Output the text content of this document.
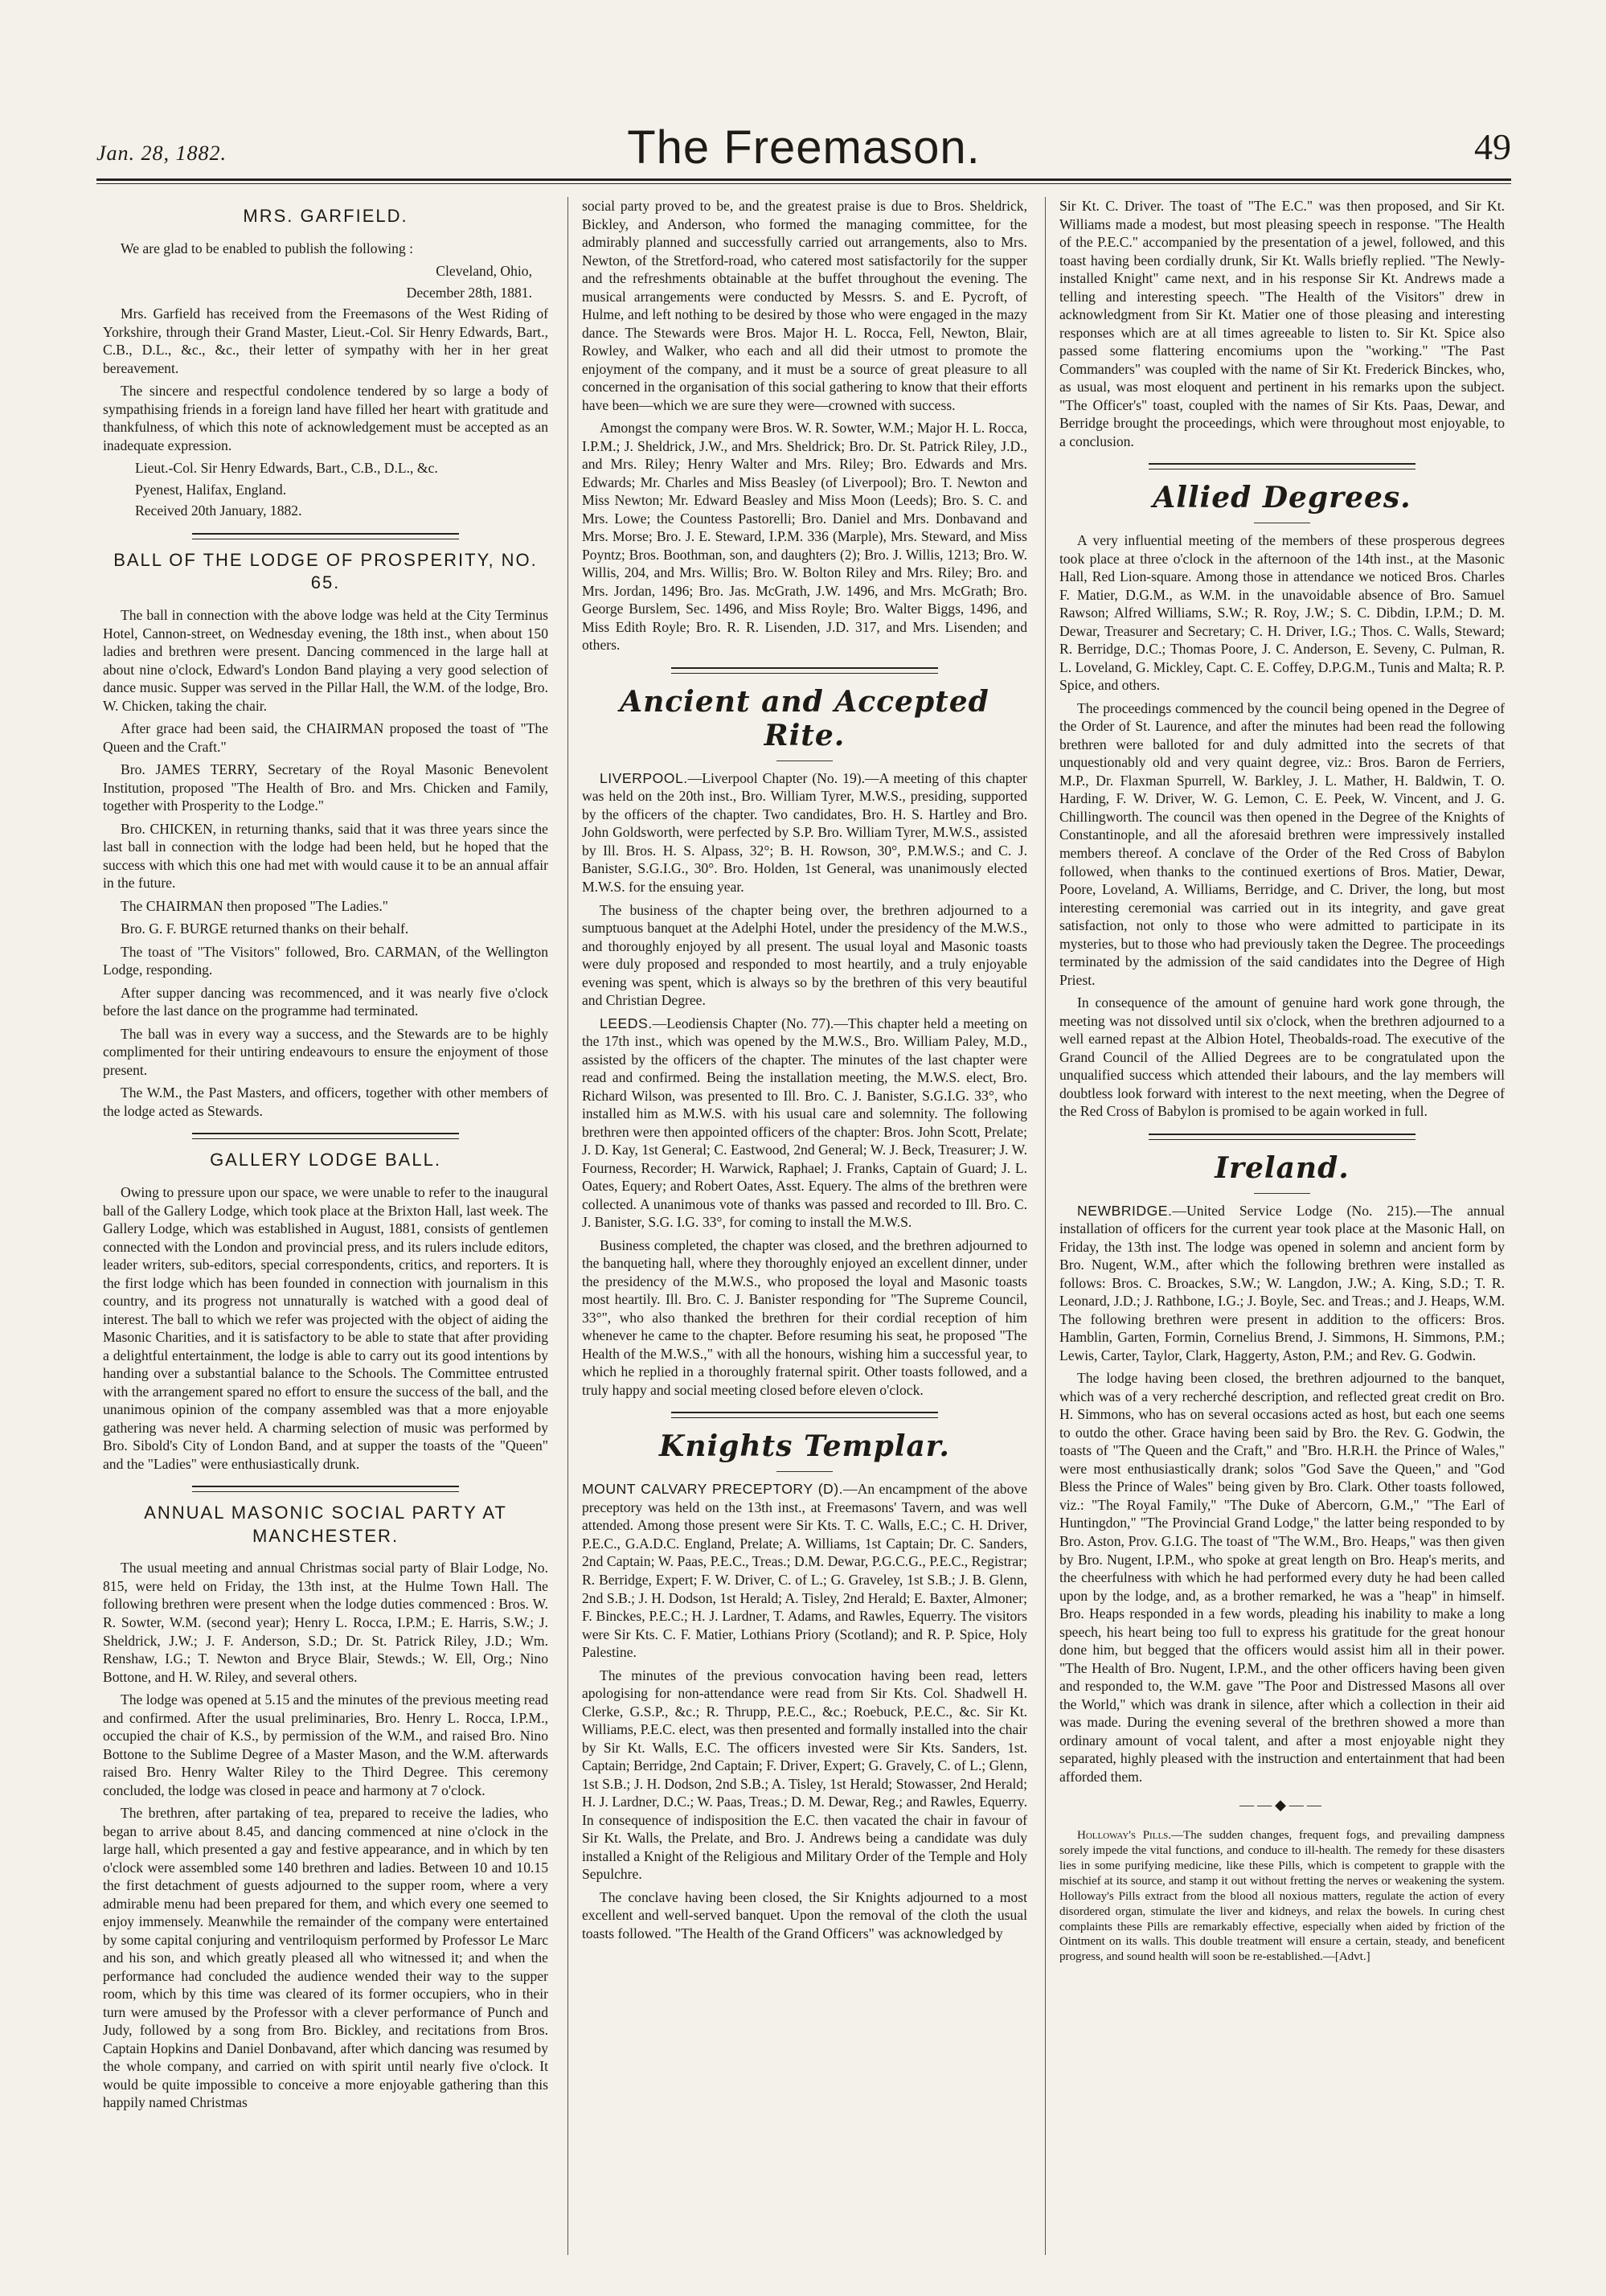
Jan. 28, 1882.	The Freemason.	49
MRS. GARFIELD.

We are glad to be enabled to publish the following :

Cleveland, Ohio,
December 28th, 1881.

Mrs. Garfield has received from the Freemasons of the West Riding of Yorkshire, through their Grand Master, Lieut.-Col. Sir Henry Edwards, Bart., C.B., D.L., &c., &c., their letter of sympathy with her in her great bereavement.

The sincere and respectful condolence tendered by so large a body of sympathising friends in a foreign land have filled her heart with gratitude and thankfulness, of which this note of acknowledgement must be accepted as an inadequate expression.

Lieut.-Col. Sir Henry Edwards, Bart., C.B., D.L., &c.
Pyenest, Halifax, England.
Received 20th January, 1882.
BALL OF THE LODGE OF PROSPERITY, NO. 65.

The ball in connection with the above lodge was held at the City Terminus Hotel, Cannon-street, on Wednesday evening, the 18th inst., when about 150 ladies and brethren were present. Dancing commenced in the large hall at about nine o'clock, Edward's London Band playing a very good selection of dance music. Supper was served in the Pillar Hall, the W.M. of the lodge, Bro. W. Chicken, taking the chair.

After grace had been said, the CHAIRMAN proposed the toast of "The Queen and the Craft."

Bro. JAMES TERRY, Secretary of the Royal Masonic Benevolent Institution, proposed "The Health of Bro. and Mrs. Chicken and Family, together with Prosperity to the Lodge."

Bro. CHICKEN, in returning thanks, said that it was three years since the last ball in connection with the lodge had been held, but he hoped that the success with which this one had met with would cause it to be an annual affair in the future.

The CHAIRMAN then proposed "The Ladies."

Bro. G. F. BURGE returned thanks on their behalf.

The toast of "The Visitors" followed, Bro. CARMAN, of the Wellington Lodge, responding.

After supper dancing was recommenced, and it was nearly five o'clock before the last dance on the programme had terminated.

The ball was in every way a success, and the Stewards are to be highly complimented for their untiring endeavours to ensure the enjoyment of those present.

The W.M., the Past Masters, and officers, together with other members of the lodge acted as Stewards.

GALLERY LODGE BALL.

Owing to pressure upon our space, we were unable to refer to the inaugural ball of the Gallery Lodge, which took place at the Brixton Hall, last week. The Gallery Lodge, which was established in August, 1881, consists of gentlemen connected with the London and provincial press, and its rulers include editors, leader writers, sub-editors, special correspondents, critics, and reporters. It is the first lodge which has been founded in connection with journalism in this country, and its progress not unnaturally is watched with a good deal of interest. The ball to which we refer was projected with the object of aiding the Masonic Charities, and it is satisfactory to be able to state that after providing a delightful entertainment, the lodge is able to carry out its good intentions by handing over a substantial balance to the Schools. The Committee entrusted with the arrangement spared no effort to ensure the success of the ball, and the unanimous opinion of the company assembled was that a more enjoyable gathering was never held. A charming selection of music was performed by Bro. Sibold's City of London Band, and at supper the toasts of the "Queen" and the "Ladies" were enthusiastically drunk.

ANNUAL MASONIC SOCIAL PARTY AT MANCHESTER.

The usual meeting and annual Christmas social party of Blair Lodge, No. 815, were held on Friday, the 13th inst, at the Hulme Town Hall. The following brethren were present when the lodge duties commenced : Bros. W. R. Sowter, W.M. (second year); Henry L. Rocca, I.P.M.; E. Harris, S.W.; J. Sheldrick, J.W.; J. F. Anderson, S.D.; Dr. St. Patrick Riley, J.D.; Wm. Renshaw, I.G.; T. Newton and Bryce Blair, Stewds.; W. Ell, Org.; Nino Bottone, and H. W. Riley, and several others.

The lodge was opened at 5.15 and the minutes of the previous meeting read and confirmed. After the usual preliminaries, Bro. Henry L. Rocca, I.P.M., occupied the chair of K.S., by permission of the W.M., and raised Bro. Nino Bottone to the Sublime Degree of a Master Mason, and the W.M. afterwards raised Bro. Henry Walter Riley to the Third Degree. This ceremony concluded, the lodge was closed in peace and harmony at 7 o'clock.

The brethren, after partaking of tea, prepared to receive the ladies, who began to arrive about 8.45, and dancing commenced at nine o'clock in the large hall, which presented a gay and festive appearance, and in which by ten o'clock were assembled some 140 brethren and ladies. Between 10 and 10.15 the first detachment of guests adjourned to the supper room, where a very admirable menu had been prepared for them, and which every one seemed to enjoy immensely. Meanwhile the remainder of the company were entertained by some capital conjuring and ventriloquism performed by Professor Le Marc and his son, and which greatly pleased all who witnessed it; and when the performance had concluded the audience wended their way to the supper room, which by this time was cleared of its former occupiers, who in their turn were amused by the Professor with a clever performance of Punch and Judy, followed by a song from Bro. Bickley, and recitations from Bros. Captain Hopkins and Daniel Donbavand, after which dancing was resumed by the whole company, and carried on with spirit until nearly five o'clock. It would be quite impossible to conceive a more enjoyable gathering than this happily named Christmas

social party proved to be, and the greatest praise is due to Bros. Sheldrick, Bickley, and Anderson, who formed the managing committee, for the admirably planned and successfully carried out arrangements, also to Mrs. Newton, of the Stretford-road, who catered most satisfactorily for the supper and the refreshments obtainable at the buffet throughout the evening. The musical arrangements were conducted by Messrs. S. and E. Pycroft, of Hulme, and left nothing to be desired by those who were engaged in the mazy dance. The Stewards were Bros. Major H. L. Rocca, Fell, Newton, Blair, Rowley, and Walker, who each and all did their utmost to promote the enjoyment of the company, and it must be a source of great pleasure to all concerned in the organisation of this social gathering to know that their efforts have been—which we are sure they were—crowned with success.

Amongst the company were Bros. W. R. Sowter, W.M.; Major H. L. Rocca, I.P.M.; J. Sheldrick, J.W., and Mrs. Sheldrick; Bro. Dr. St. Patrick Riley, J.D., and Mrs. Riley; Henry Walter and Mrs. Riley; Bro. Edwards and Mrs. Edwards; Mr. Charles and Miss Beasley (of Liverpool); Bro. T. Newton and Miss Newton; Mr. Edward Beasley and Miss Moon (Leeds); Bro. S. C. and Mrs. Lowe; the Countess Pastorelli; Bro. Daniel and Mrs. Donbavand and Mrs. Morse; Bro. J. E. Steward, I.P.M. 336 (Marple), Mrs. Steward, and Miss Poyntz; Bros. Boothman, son, and daughters (2); Bro. J. Willis, 1213; Bro. W. Willis, 204, and Mrs. Willis; Bro. W. Bolton Riley and Mrs. Riley; Bro. and Mrs. Jordan, 1496; Bro. Jas. McGrath, J.W. 1496, and Mrs. McGrath; Bro. George Burslem, Sec. 1496, and Miss Royle; Bro. Walter Biggs, 1496, and Miss Edith Royle; Bro. R. R. Lisenden, J.D. 317, and Mrs. Lisenden; and others.

Ancient and Accepted Rite.

LIVERPOOL.—Liverpool Chapter (No. 19).—A meeting of this chapter was held on the 20th inst., Bro. William Tyrer, M.W.S., presiding, supported by the officers of the chapter. Two candidates, Bro. H. S. Hartley and Bro. John Goldsworth, were perfected by S.P. Bro. William Tyrer, M.W.S., assisted by Ill. Bros. H. S. Alpass, 32°; B. H. Rowson, 30°, P.M.W.S.; and C. J. Banister, S.G.I.G., 30°. Bro. Holden, 1st General, was unanimously elected M.W.S. for the ensuing year.

The business of the chapter being over, the brethren adjourned to a sumptuous banquet at the Adelphi Hotel, under the presidency of the M.W.S., and thoroughly enjoyed by all present. The usual loyal and Masonic toasts were duly proposed and responded to most heartily, and a truly enjoyable evening was spent, which is always so by the brethren of this very beautiful and Christian Degree.

LEEDS.—Leodiensis Chapter (No. 77).—This chapter held a meeting on the 17th inst., which was opened by the M.W.S., Bro. William Paley, M.D., assisted by the officers of the chapter. The minutes of the last chapter were read and confirmed. Being the installation meeting, the M.W.S. elect, Bro. Richard Wilson, was presented to Ill. Bro. C. J. Banister, S.G.I.G. 33°, who installed him as M.W.S. with his usual care and solemnity. The following brethren were then appointed officers of the chapter: Bros. John Scott, Prelate; J. D. Kay, 1st General; C. Eastwood, 2nd General; W. J. Beck, Treasurer; J. W. Fourness, Recorder; H. Warwick, Raphael; J. Franks, Captain of Guard; J. L. Oates, Equery; and Robert Oates, Asst. Equery. The alms of the brethren were collected. A unanimous vote of thanks was passed and recorded to Ill. Bro. C. J. Banister, S.G. I.G. 33°, for coming to install the M.W.S.

Business completed, the chapter was closed, and the brethren adjourned to the banqueting hall, where they thoroughly enjoyed an excellent dinner, under the presidency of the M.W.S., who proposed the loyal and Masonic toasts most heartily. Ill. Bro. C. J. Banister responding for "The Supreme Council, 33°", who also thanked the brethren for their cordial reception of him whenever he came to the chapter. Before resuming his seat, he proposed "The Health of the M.W.S.," with all the honours, wishing him a successful year, to which he replied in a thoroughly fraternal spirit. Other toasts followed, and a truly happy and social meeting closed before eleven o'clock.

Knights Templar.

MOUNT CALVARY PRECEPTORY (D).—An encampment of the above preceptory was held on the 13th inst., at Freemasons' Tavern, and was well attended. Among those present were Sir Kts. T. C. Walls, E.C.; C. H. Driver, P.E.C., G.A.D.C. England, Prelate; A. Williams, 1st Captain; Dr. C. Sanders, 2nd Captain; W. Paas, P.E.C., Treas.; D.M. Dewar, P.G.C.G., P.E.C., Registrar; R. Berridge, Expert; F. W. Driver, C. of L.; G. Graveley, 1st S.B.; J. B. Glenn, 2nd S.B.; J. H. Dodson, 1st Herald; A. Tisley, 2nd Herald; E. Baxter, Almoner; F. Binckes, P.E.C.; H. J. Lardner, T. Adams, and Rawles, Equerry. The visitors were Sir Kts. C. F. Matier, Lothians Priory (Scotland); and R. P. Spice, Holy Palestine.

The minutes of the previous convocation having been read, letters apologising for non-attendance were read from Sir Kts. Col. Shadwell H. Clerke, G.S.P., &c.; R. Thrupp, P.E.C., &c.; Roebuck, P.E.C., &c. Sir Kt. Williams, P.E.C. elect, was then presented and formally installed into the chair by Sir Kt. Walls, E.C. The officers invested were Sir Kts. Sanders, 1st. Captain; Berridge, 2nd Captain; F. Driver, Expert; G. Gravely, C. of L.; Glenn, 1st S.B.; J. H. Dodson, 2nd S.B.; A. Tisley, 1st Herald; Stowasser, 2nd Herald; H. J. Lardner, D.C.; W. Paas, Treas.; D. M. Dewar, Reg.; and Rawles, Equerry. In consequence of indisposition the E.C. then vacated the chair in favour of Sir Kt. Walls, the Prelate, and Bro. J. Andrews being a candidate was duly installed a Knight of the Religious and Military Order of the Temple and Holy Sepulchre.

The conclave having been closed, the Sir Knights adjourned to a most excellent and well-served banquet. Upon the removal of the cloth the usual toasts followed. "The Health of the Grand Officers" was acknowledged by

Sir Kt. C. Driver. The toast of "The E.C." was then proposed, and Sir Kt. Williams made a modest, but most pleasing speech in response. "The Health of the P.E.C." accompanied by the presentation of a jewel, followed, and this toast having been cordially drunk, Sir Kt. Walls briefly replied. "The Newly-installed Knight" came next, and in his response Sir Kt. Andrews made a telling and interesting speech. "The Health of the Visitors" drew in acknowledgment from Sir Kt. Matier one of those pleasing and interesting responses which are at all times agreeable to listen to. Sir Kt. Spice also passed some flattering encomiums upon the "working." "The Past Commanders" was coupled with the name of Sir Kt. Frederick Binckes, who, as usual, was most eloquent and pertinent in his remarks upon the subject. "The Officer's" toast, coupled with the names of Sir Kts. Paas, Dewar, and Berridge brought the proceedings, which were throughout most enjoyable, to a conclusion.

Allied Degrees.

A very influential meeting of the members of these prosperous degrees took place at three o'clock in the afternoon of the 14th inst., at the Masonic Hall, Red Lion-square. Among those in attendance we noticed Bros. Charles F. Matier, D.G.M., as W.M. in the unavoidable absence of Bro. Samuel Rawson; Alfred Williams, S.W.; R. Roy, J.W.; S. C. Dibdin, I.P.M.; D. M. Dewar, Treasurer and Secretary; C. H. Driver, I.G.; Thos. C. Walls, Steward; R. Berridge, D.C.; Thomas Poore, J. C. Anderson, E. Seveny, C. Pulman, R. L. Loveland, G. Mickley, Capt. C. E. Coffey, D.P.G.M., Tunis and Malta; R. P. Spice, and others.

The proceedings commenced by the council being opened in the Degree of the Order of St. Laurence, and after the minutes had been read the following brethren were balloted for and duly admitted into the secrets of that unquestionably old and very quaint degree, viz.: Bros. Baron de Ferriers, M.P., Dr. Flaxman Spurrell, W. Barkley, J. L. Mather, H. Baldwin, T. O. Harding, F. W. Driver, W. G. Lemon, C. E. Peek, W. Vincent, and J. G. Chillingworth. The council was then opened in the Degree of the Knights of Constantinople, and all the aforesaid brethren were impressively installed members thereof. A conclave of the Order of the Red Cross of Babylon followed, when thanks to the continued exertions of Bros. Matier, Dewar, Poore, Loveland, A. Williams, Berridge, and C. Driver, the long, but most interesting ceremonial was carried out in its integrity, and gave great satisfaction, not only to those who were admitted to participate in its mysteries, but to those who had previously taken the Degree. The proceedings terminated by the admission of the said candidates into the Degree of High Priest.

In consequence of the amount of genuine hard work gone through, the meeting was not dissolved until six o'clock, when the brethren adjourned to a well earned repast at the Albion Hotel, Theobalds-road. The executive of the Grand Council of the Allied Degrees are to be congratulated upon the unqualified success which attended their labours, and the lay members will doubtless look forward with interest to the next meeting, when the Degree of the Red Cross of Babylon is promised to be again worked in full.

Ireland.

NEWBRIDGE.—United Service Lodge (No. 215).—The annual installation of officers for the current year took place at the Masonic Hall, on Friday, the 13th inst. The lodge was opened in solemn and ancient form by Bro. Nugent, W.M., after which the following brethren were installed as follows: Bros. C. Broackes, S.W.; W. Langdon, J.W.; A. King, S.D.; T. R. Leonard, J.D.; J. Rathbone, I.G.; J. Boyle, Sec. and Treas.; and J. Heaps, W.M. The following brethren were present in addition to the officers: Bros. Hamblin, Garten, Formin, Cornelius Brend, J. Simmons, H. Simmons, P.M.; Lewis, Carter, Taylor, Clark, Haggerty, Aston, P.M.; and Rev. G. Godwin.

The lodge having been closed, the brethren adjourned to the banquet, which was of a very recherché description, and reflected great credit on Bro. H. Simmons, who has on several occasions acted as host, but each one seems to outdo the other. Grace having been said by Bro. the Rev. G. Godwin, the toasts of "The Queen and the Craft," and "Bro. H.R.H. the Prince of Wales," were most enthusiastically drank; solos "God Save the Queen," and "God Bless the Prince of Wales" being given by Bro. Clark. Other toasts followed, viz.: "The Royal Family," "The Duke of Abercorn, G.M.," "The Earl of Huntingdon," "The Provincial Grand Lodge," the latter being responded to by Bro. Aston, Prov. G.I.G. The toast of "The W.M., Bro. Heaps," was then given by Bro. Nugent, I.P.M., who spoke at great length on Bro. Heap's merits, and the cheerfulness with which he had performed every duty he had been called upon by the lodge, and, as a brother remarked, he was a "heap" in himself. Bro. Heaps responded in a few words, pleading his inability to make a long speech, his heart being too full to express his gratitude for the great honour done him, but begged that the officers would assist him all in their power. "The Health of Bro. Nugent, I.P.M., and the other officers having been given and responded to, the W.M. gave "The Poor and Distressed Masons all over the World," which was drank in silence, after which a collection in their aid was made. During the evening several of the brethren showed a more than ordinary amount of vocal talent, and after a most enjoyable night they separated, highly pleased with the instruction and entertainment that had been afforded them.

——◆——

Holloway's Pills.—The sudden changes, frequent fogs, and prevailing dampness sorely impede the vital functions, and conduce to ill-health. The remedy for these disasters lies in some purifying medicine, like these Pills, which is competent to grapple with the mischief at its source, and stamp it out without fretting the nerves or weakening the system. Holloway's Pills extract from the blood all noxious matters, regulate the action of every disordered organ, stimulate the liver and kidneys, and relax the bowels. In curing chest complaints these Pills are remarkably effective, especially when aided by friction of the Ointment on its walls. This double treatment will ensure a certain, steady, and beneficent progress, and sound health will soon be re-established.—[Advt.]
